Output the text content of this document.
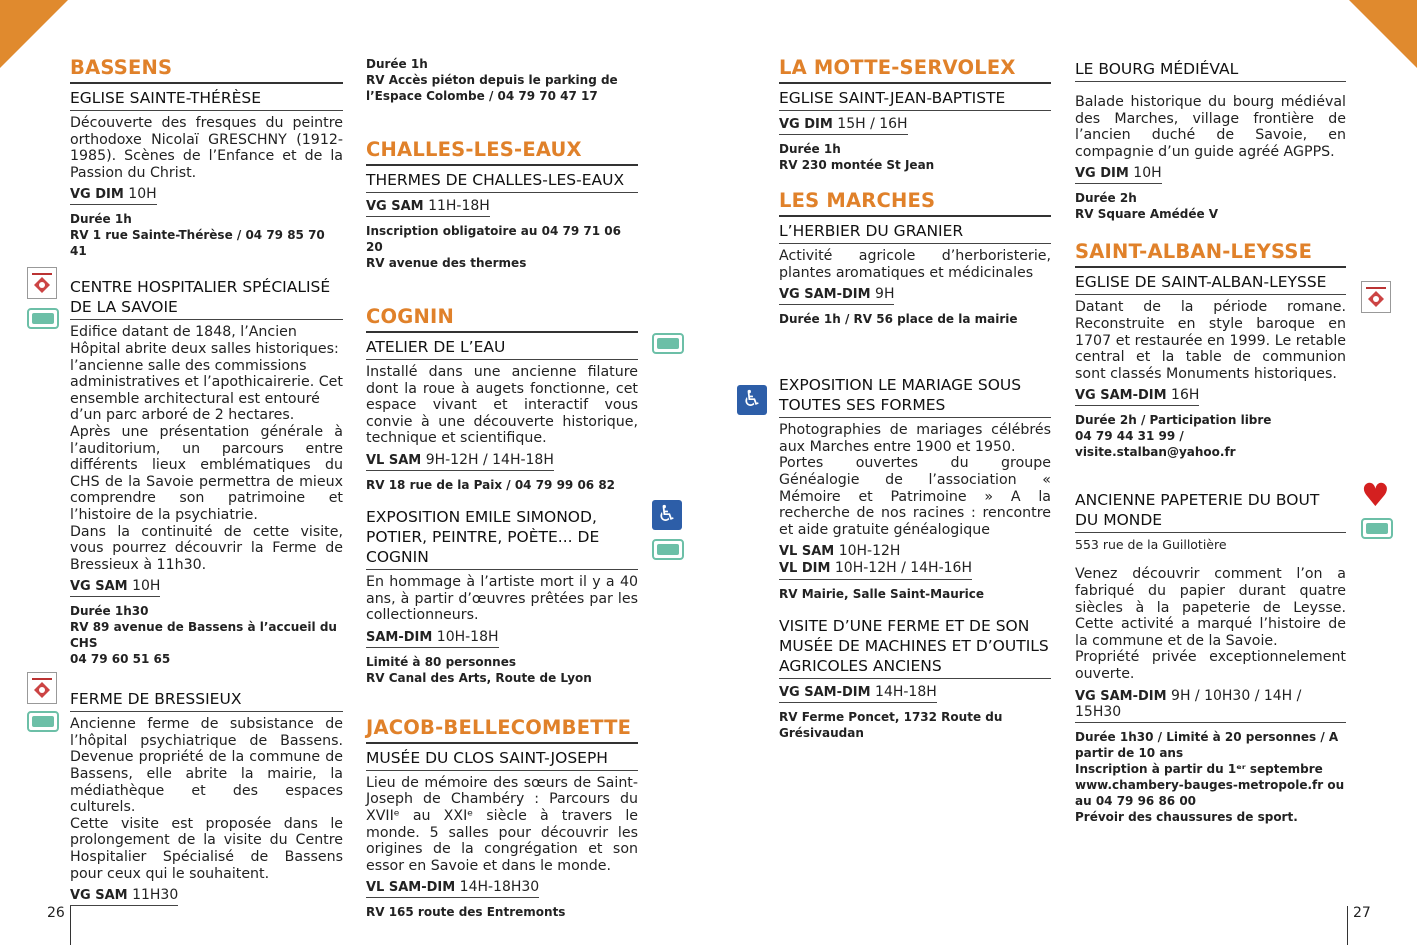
♿
♿
♥
BASSENS
EGLISE SAINTE-THÉRÈSE
Découverte des fresques du peintre orthodoxe Nicolaï GRESCHNY (1912-1985). Scènes de l’Enfance et de la Passion du Christ.
VG DIM 10H
Durée 1h
RV 1 rue Sainte-Thérèse / 04 79 85 70 41
CENTRE HOSPITALIER SPÉCIALISÉ DE LA SAVOIE

Edifice datant de 1848, l’Ancien Hôpital abrite deux salles historiques: l’ancienne salle des commissions administratives et l’apothicairerie. Cet ensemble architectural est entouré d’un parc arboré de 2 hectares.

Après une présentation générale à l’auditorium, un parcours entre différents lieux emblématiques du CHS de la Savoie permettra de mieux comprendre son patrimoine et l’histoire de la psychiatrie.

Dans la continuité de cette visite, vous pourrez découvrir la Ferme de Bressieux à 11h30.

VG SAM 10H
Durée 1h30
RV 89 avenue de Bassens à l’accueil du CHS
04 79 60 51 65
FERME DE BRESSIEUX

Ancienne ferme de subsistance de l’hôpital psychiatrique de Bassens. Devenue propriété de la commune de Bassens, elle abrite la mairie, la médiathèque et des espaces culturels.

Cette visite est proposée dans le prolongement de la visite du Centre Hospitalier Spécialisé de Bassens pour ceux qui le souhaitent.

VG SAM 11H30
Durée 1h
RV Accès piéton depuis le parking de l’Espace Colombe / 04 79 70 47 17
CHALLES-LES-EAUX
THERMES DE CHALLES-LES-EAUX
VG SAM 11H-18H
Inscription obligatoire au 04 79 71 06 20
RV avenue des thermes
COGNIN
ATELIER DE L’EAU
Installé dans une ancienne filature dont la roue à augets fonctionne, cet espace vivant et interactif vous convie à une découverte historique, technique et scientifique.
VL SAM 9H-12H / 14H-18H
RV 18 rue de la Paix / 04 79 99 06 82
EXPOSITION EMILE SIMONOD, POTIER, PEINTRE, POÈTE... DE COGNIN
En hommage à l’artiste mort il y a 40 ans, à partir d’œuvres prêtées par les collectionneurs.
SAM-DIM 10H-18H
Limité à 80 personnes
RV Canal des Arts, Route de Lyon
JACOB-BELLECOMBETTE
MUSÉE DU CLOS SAINT-JOSEPH
Lieu de mémoire des sœurs de Saint-Joseph de Chambéry : Parcours du XVIIᵉ au XXIᵉ siècle à travers le monde. 5 salles pour découvrir les origines de la congrégation et son essor en Savoie et dans le monde.
VL SAM-DIM 14H-18H30
RV 165 route des Entremonts
LA MOTTE-SERVOLEX
EGLISE SAINT-JEAN-BAPTISTE
VG DIM 15H / 16H
Durée 1h
RV 230 montée St Jean
LES MARCHES
L’HERBIER DU GRANIER
Activité agricole d’herboristerie, plantes aromatiques et médicinales
VG SAM-DIM 9H
Durée 1h / RV 56 place de la mairie
EXPOSITION LE MARIAGE SOUS TOUTES SES FORMES

Photographies de mariages célébrés aux Marches entre 1900 et 1950.

Portes ouvertes du groupe Généalogie de l’association « Mémoire et Patrimoine » A la recherche de nos racines : rencontre et aide gratuite généalogique

VL SAM 10H-12H
VL DIM 10H-12H / 14H-16H
RV Mairie, Salle Saint-Maurice
VISITE D’UNE FERME ET DE SON MUSÉE DE MACHINES ET D’OUTILS AGRICOLES ANCIENS
VG SAM-DIM 14H-18H
RV Ferme Poncet, 1732 Route du Grésivaudan
LE BOURG MÉDIÉVAL
Balade historique du bourg médiéval des Marches, village frontière de l’ancien duché de Savoie, en compagnie d’un guide agréé AGPPS.
VG DIM 10H
Durée 2h
RV Square Amédée V
SAINT-ALBAN-LEYSSE
EGLISE DE SAINT-ALBAN-LEYSSE
Datant de la période romane. Reconstruite en style baroque en 1707 et restaurée en 1999. Le retable central et la table de communion sont classés Monuments historiques.
VG SAM-DIM 16H
Durée 2h / Participation libre
04 79 44 31 99 / visite.stalban@yahoo.fr
ANCIENNE PAPETERIE DU BOUT DU MONDE
553 rue de la Guillotière

Venez découvrir comment l’on a fabriqué du papier durant quatre siècles à la papeterie de Leysse. Cette activité a marqué l’histoire de la commune et de la Savoie.

Propriété privée exceptionnelement ouverte.

VG SAM-DIM 9H / 10H30 / 14H / 15H30
Durée 1h30 / Limité à 20 personnes / A partir de 10 ans
Inscription à partir du 1ᵉʳ septembre www.chambery-bauges-metropole.fr ou
au 04 79 96 86 00
Prévoir des chaussures de sport.
26	27
